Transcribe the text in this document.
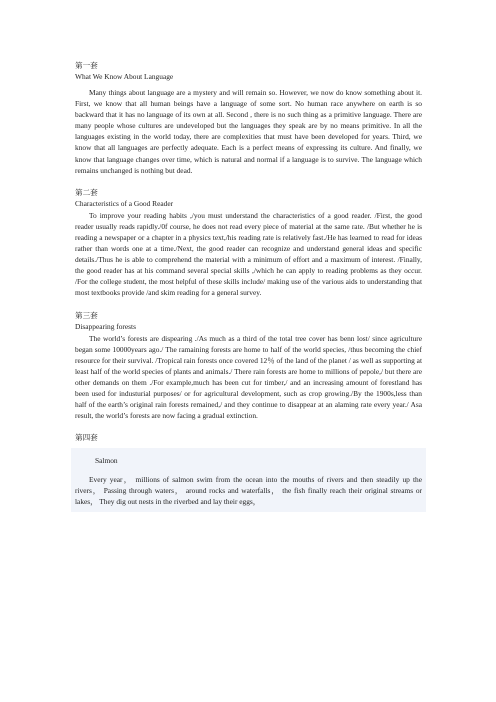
第一套

What We Know About Language

Many things about language are a mystery and will remain so. However, we now do know something about it. First, we know that all human beings have a language of some sort. No human race anywhere on earth is so backward that it has no language of its own at all. Second , there is no such thing as a primitive language. There are many people whose cultures are undeveloped but the languages they speak are by no means primitive. In all the languages existing in the world today, there are complexities that must have been developed for years. Third, we know that all languages are perfectly adequate. Each is a perfect means of expressing its culture. And finally, we know that language changes over time, which is natural and normal if a language is to survive. The language which remains unchanged is nothing but dead.

第二套

Characteristics of a Good Reader

To improve your reading habits ,/you must understand the characteristics of a good reader. /First, the good reader usually reads rapidly./0f course, he does not read every piece of material at the same rate. /But whether he is reading a newspaper or a chapter in a physics text,/his reading rate is relatively fast./He has learned to read for ideas rather than words one at a time./Next, the good reader can recognize and understand general ideas and specific details./Thus he is able to comprehend the material with a minimum of effort and a maximum of interest. /Finally, the good reader has at his command several special skills ,/which he can apply to reading problems as they occur. /For the college student, the most helpful of these skills include/ making use of the various aids to understanding that most textbooks provide /and skim reading for a general survey.

第三套

Disappearing forests

The world’s forests are dispearing ./As much as a third of the total tree cover has benn lost/ since agriculture began some 10000years ago./ The ramaining forests are home to half of the world species, /thus becoming the chief resource for their survival. /Tropical rain forests once covered 12％ of the land of the planet / as well as supporting at least half of the world species of plants and animals./ There rain forests are home to millions of pepole,/ but there are other demands on them ./For example,much has been cut for timber,/ and an increasing amount of forestland has been used for industurial purposes/ or for agricultural development, such as crop growing./By the 1900s,less than half of the earth’s original rain forests remained,/ and they continue to disappear at an alaming rate every year./ Asa result, the world’s forests are now facing a gradual extinction.

第四套

Salmon

Every year， millions of salmon swim from the ocean into the mouths of rivers and then steadily up the rivers， Passing through waters， around rocks and waterfalls， the fish finally reach their original streams or lakes， They dig out nests in the riverbed and lay their eggs，
